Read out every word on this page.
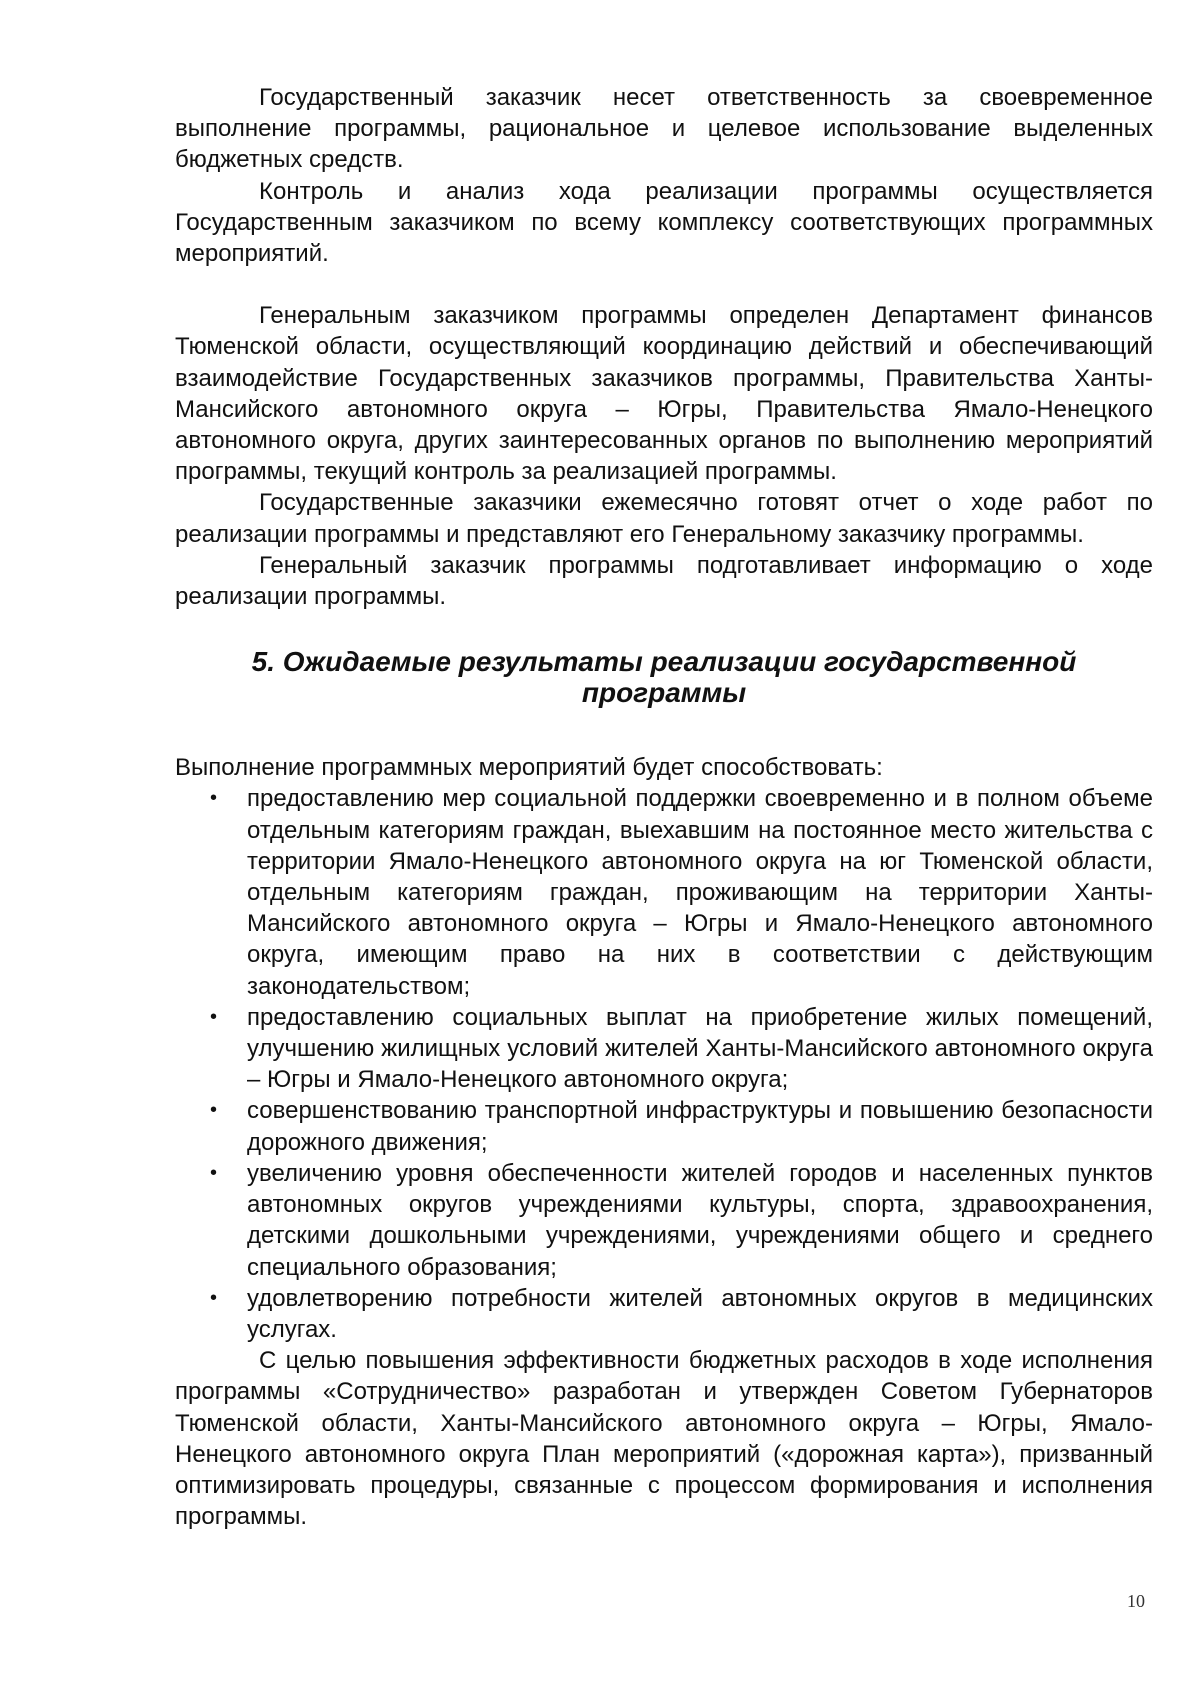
Государственный заказчик несет ответственность за своевременное выполнение программы, рациональное и целевое использование выделенных бюджетных средств.

Контроль и анализ хода реализации программы осуществляется Государственным заказчиком по всему комплексу соответствующих программных мероприятий.

Генеральным заказчиком программы определен Департамент финансов Тюменской области, осуществляющий координацию действий и обеспечивающий взаимодействие Государственных заказчиков программы, Правительства Ханты-Мансийского автономного округа – Югры, Правительства Ямало-Ненецкого автономного округа, других заинтересованных органов по выполнению мероприятий программы, текущий контроль за реализацией программы.

Государственные заказчики ежемесячно готовят отчет о ходе работ по реализации программы и представляют его Генеральному заказчику программы.

Генеральный заказчик программы подготавливает информацию о ходе реализации программы.

5. Ожидаемые результаты реализации государственной
программы

Выполнение программных мероприятий будет способствовать:

• предоставлению мер социальной поддержки своевременно и в полном объеме отдельным категориям граждан, выехавшим на постоянное место жительства с территории Ямало-Ненецкого автономного округа на юг Тюменской области, отдельным категориям граждан, проживающим на территории Ханты-Мансийского автономного округа – Югры и Ямало-Ненецкого автономного округа, имеющим право на них в соответствии с действующим законодательством;
• предоставлению социальных выплат на приобретение жилых помещений, улучшению жилищных условий жителей Ханты-Мансийского автономного округа – Югры и Ямало-Ненецкого автономного округа;
• совершенствованию транспортной инфраструктуры и повышению безопасности дорожного движения;
• увеличению уровня обеспеченности жителей городов и населенных пунктов автономных округов учреждениями культуры, спорта, здравоохранения, детскими дошкольными учреждениями, учреждениями общего и среднего специального образования;
• удовлетворению потребности жителей автономных округов в медицинских услугах.

С целью повышения эффективности бюджетных расходов в ходе исполнения программы «Сотрудничество» разработан и утвержден Советом Губернаторов Тюменской области, Ханты-Мансийского автономного округа – Югры, Ямало-Ненецкого автономного округа План мероприятий («дорожная карта»), призванный оптимизировать процедуры, связанные с процессом формирования и исполнения программы.

10
